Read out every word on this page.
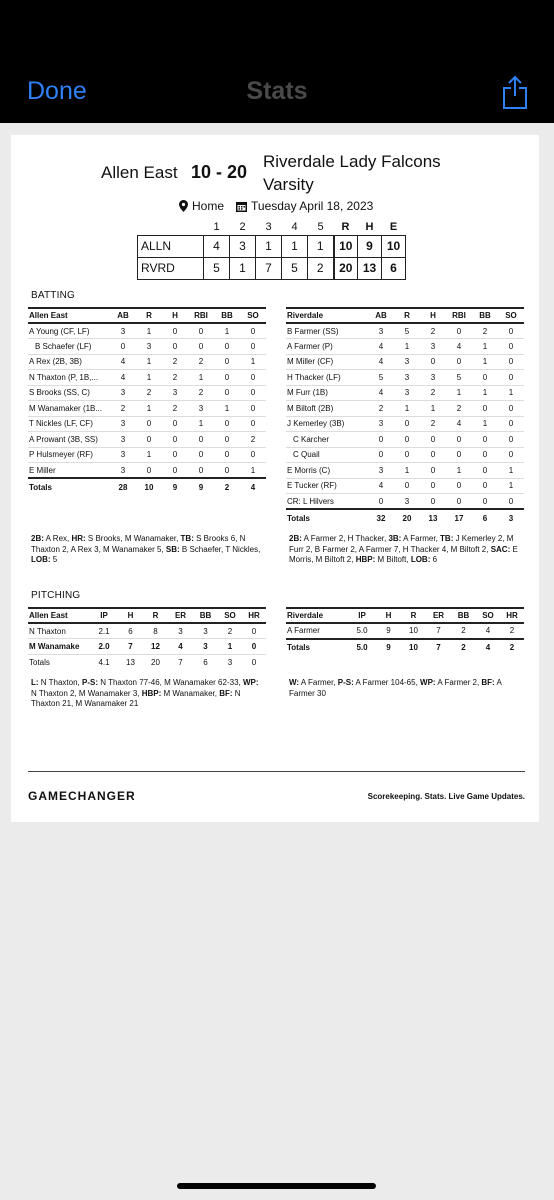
Done	Stats
Allen East 10 - 20
Riverdale Lady Falcons
Varsity
Home Tuesday April 18, 2023
	1	2	3	4	5	R	H	E
ALLN	4	3	1	1	1	10	9	10
RVRD	5	1	7	5	2	20	13	6
BATTING
Allen East	AB	R	H	RBI	BB	SO
A Young (CF, LF)	3	1	0	0	1	0
B Schaefer (LF)	0	3	0	0	0	0
A Rex (2B, 3B)	4	1	2	2	0	1
N Thaxton (P, 1B,...	4	1	2	1	0	0
S Brooks (SS, C)	3	2	3	2	0	0
M Wanamaker (1B...	2	1	2	3	1	0
T Nickles (LF, CF)	3	0	0	1	0	0
A Prowant (3B, SS)	3	0	0	0	0	2
P Hulsmeyer (RF)	3	1	0	0	0	0
E Miller	3	0	0	0	0	1
Totals	28	10	9	9	2	4
Riverdale	AB	R	H	RBI	BB	SO
B Farmer (SS)	3	5	2	0	2	0
A Farmer (P)	4	1	3	4	1	0
M Miller (CF)	4	3	0	0	1	0
H Thacker (LF)	5	3	3	5	0	0
M Furr (1B)	4	3	2	1	1	1
M Biltoft (2B)	2	1	1	2	0	0
J Kemerley (3B)	3	0	2	4	1	0
C Karcher	0	0	0	0	0	0
C Quail	0	0	0	0	0	0
E Morris (C)	3	1	0	1	0	1
E Tucker (RF)	4	0	0	0	0	1
CR: L Hilvers	0	3	0	0	0	0
Totals	32	20	13	17	6	3
2B: A Rex, HR: S Brooks, M Wanamaker, TB: S Brooks 6, N Thaxton 2, A Rex 3, M Wanamaker 5, SB: B Schaefer, T Nickles, LOB: 5
2B: A Farmer 2, H Thacker, 3B: A Farmer, TB: J Kemerley 2, M Furr 2, B Farmer 2, A Farmer 7, H Thacker 4, M Biltoft 2, SAC: E Morris, M Biltoft 2, HBP: M Biltoft, LOB: 6
PITCHING
Allen East	IP	H	R	ER	BB	SO	HR
N Thaxton	2.1	6	8	3	3	2	0
M Wanamake	2.0	7	12	4	3	1	0
Totals	4.1	13	20	7	6	3	0
Riverdale	IP	H	R	ER	BB	SO	HR
A Farmer	5.0	9	10	7	2	4	2
Totals	5.0	9	10	7	2	4	2
L: N Thaxton, P-S: N Thaxton 77-46, M Wanamaker 62-33, WP: N Thaxton 2, M Wanamaker 3, HBP: M Wanamaker, BF: N Thaxton 21, M Wanamaker 21
W: A Farmer, P-S: A Farmer 104-65, WP: A Farmer 2, BF: A Farmer 30
GAMECHANGER	Scorekeeping. Stats. Live Game Updates.
